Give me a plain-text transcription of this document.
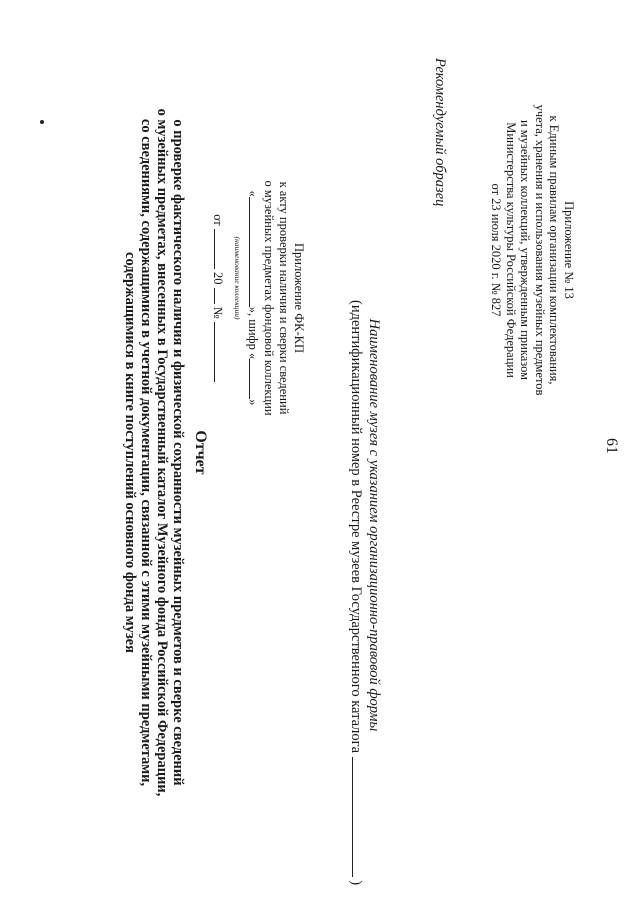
61
Приложение № 13
к Единым правилам организации комплектования,
учета, хранения и использования музейных предметов
и музейных коллекций, утвержденным приказом
Министерства культуры Российской Федерации
от 23 июля 2020 г. № 827
Рекомендуемый образец
Наименование музея с указанием организационно-правовой формы
(идентификационный номер в Реестре музеев Государственного каталога  )
Приложение ФК-КП
к акту проверки наличия и сверки сведений
о музейных предметах фондовой коллекции
«», шифр «»
(наименование коллекции)
от  20  №
Отчет
о проверке фактического наличия и физической сохранности музейных предметов и сверке сведений
о музейных предметах, внесенных в Государственный каталог Музейного фонда Российской Федерации,
со сведениями, содержащимися в учетной документации, связанной с этими музейными предметами,
содержащимися в книге поступлений основного фонда музея
